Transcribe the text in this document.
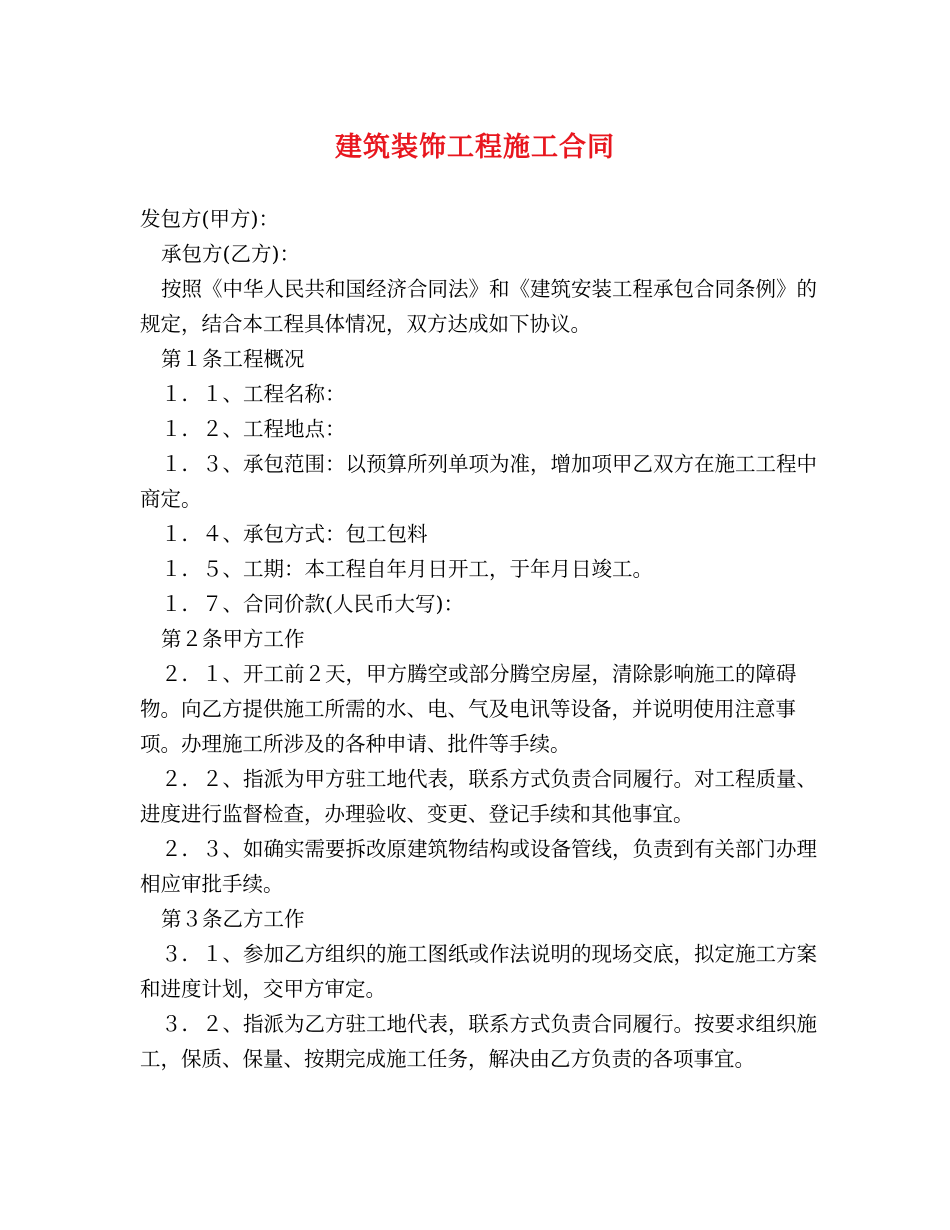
建筑装饰工程施工合同

发包方(甲方)：

承包方(乙方)：

按照《中华人民共和国经济合同法》和《建筑安装工程承包合同条例》的规定，结合本工程具体情况，双方达成如下协议。

第１条工程概况

１．１、工程名称：

１．２、工程地点：

１．３、承包范围：以预算所列单项为准，增加项甲乙双方在施工工程中商定。

１．４、承包方式：包工包料

１．５、工期：本工程自年月日开工，于年月日竣工。

１．７、合同价款(人民币大写)：

第２条甲方工作

２．１、开工前２天，甲方腾空或部分腾空房屋，清除影响施工的障碍物。向乙方提供施工所需的水、电、气及电讯等设备，并说明使用注意事项。办理施工所涉及的各种申请、批件等手续。

２．２、指派为甲方驻工地代表，联系方式负责合同履行。对工程质量、进度进行监督检查，办理验收、变更、登记手续和其他事宜。

２．３、如确实需要拆改原建筑物结构或设备管线，负责到有关部门办理相应审批手续。

第３条乙方工作

３．１、参加乙方组织的施工图纸或作法说明的现场交底，拟定施工方案和进度计划，交甲方审定。

３．２、指派为乙方驻工地代表，联系方式负责合同履行。按要求组织施工，保质、保量、按期完成施工任务，解决由乙方负责的各项事宜。
